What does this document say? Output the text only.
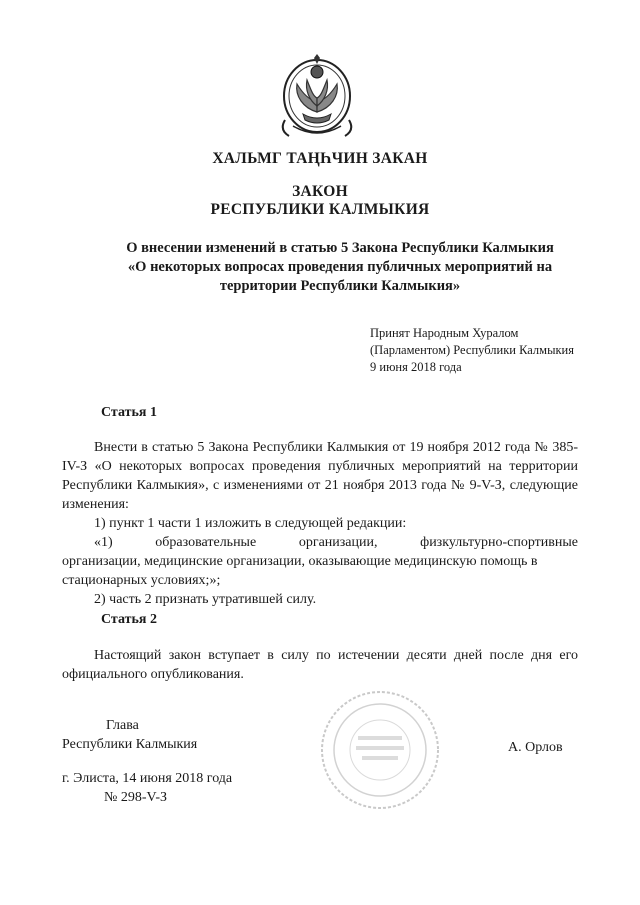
ХАЛЬМГ ТАҢҺЧИН ЗАКАН
ЗАКОН
РЕСПУБЛИКИ КАЛМЫКИЯ
О внесении изменений в статью 5 Закона Республики Калмыкия
«О некоторых вопросах проведения публичных мероприятий на
территории Республики Калмыкия»
Принят Народным Хуралом
(Парламентом) Республики Калмыкия
9 июня 2018 года
Статья 1

Внести в статью 5 Закона Республики Калмыкия от 19 ноября 2012 года № 385-IV-З «О некоторых вопросах проведения публичных мероприятий на территории Республики Калмыкия», с изменениями от 21 ноября 2013 года № 9-V-З, следующие изменения:

1) пункт 1 части 1 изложить в следующей редакции:

«1) образовательные организации, физкультурно-спортивные
организации, медицинские организации, оказывающие медицинскую помощь в стационарных условиях;»;

2) часть 2 признать утратившей силу.

Статья 2

Настоящий закон вступает в силу по истечении десяти дней после дня его официального опубликования.

Глава
Республики Калмыкия	А. Орлов
г. Элиста, 14 июня 2018 года
№ 298-V-З
